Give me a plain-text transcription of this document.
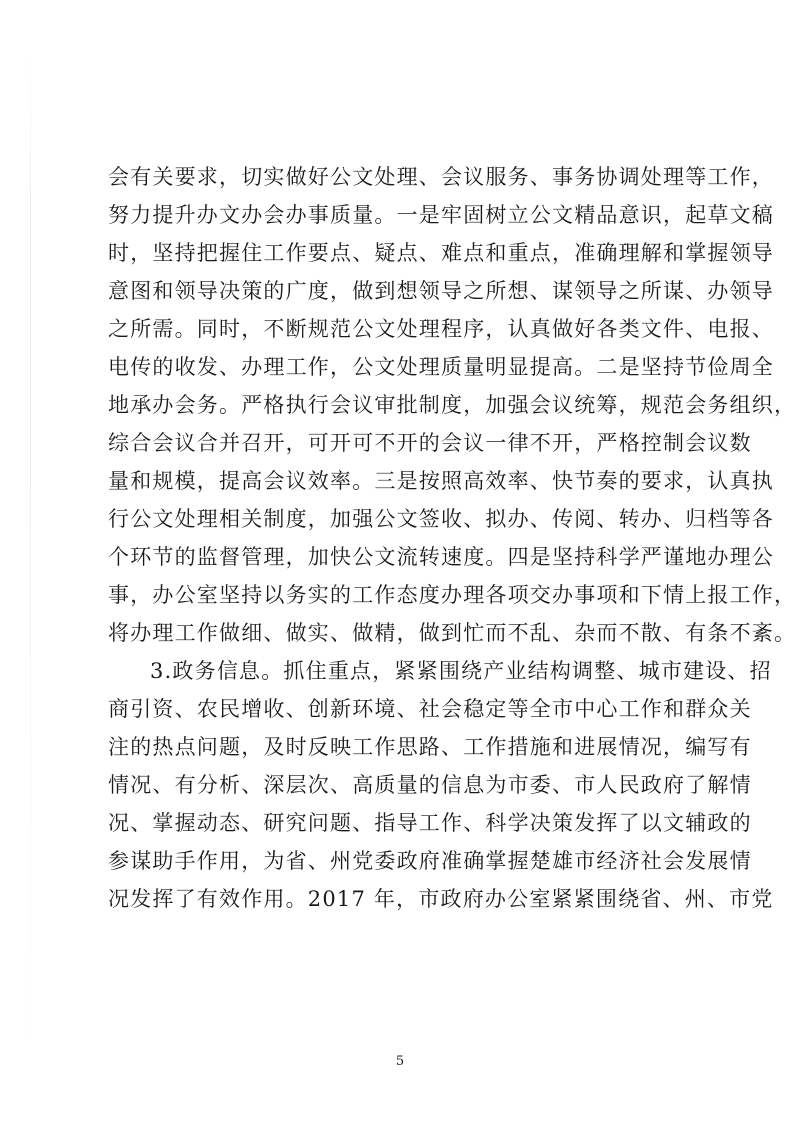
会有关要求，切实做好公文处理、会议服务、事务协调处理等工作，
努力提升办文办会办事质量。一是牢固树立公文精品意识，起草文稿
时，坚持把握住工作要点、疑点、难点和重点，准确理解和掌握领导
意图和领导决策的广度，做到想领导之所想、谋领导之所谋、办领导
之所需。同时，不断规范公文处理程序，认真做好各类文件、电报、
电传的收发、办理工作，公文处理质量明显提高。二是坚持节俭周全
地承办会务。严格执行会议审批制度，加强会议统筹，规范会务组织，
综合会议合并召开，可开可不开的会议一律不开，严格控制会议数
量和规模，提高会议效率。三是按照高效率、快节奏的要求，认真执
行公文处理相关制度，加强公文签收、拟办、传阅、转办、归档等各
个环节的监督管理，加快公文流转速度。四是坚持科学严谨地办理公
事，办公室坚持以务实的工作态度办理各项交办事项和下情上报工作，
将办理工作做细、做实、做精，做到忙而不乱、杂而不散、有条不紊。
3.政务信息。抓住重点，紧紧围绕产业结构调整、城市建设、招
商引资、农民增收、创新环境、社会稳定等全市中心工作和群众关
注的热点问题，及时反映工作思路、工作措施和进展情况，编写有
情况、有分析、深层次、高质量的信息为市委、市人民政府了解情
况、掌握动态、研究问题、指导工作、科学决策发挥了以文辅政的
参谋助手作用，为省、州党委政府准确掌握楚雄市经济社会发展情
况发挥了有效作用。2017 年，市政府办公室紧紧围绕省、州、市党
5
